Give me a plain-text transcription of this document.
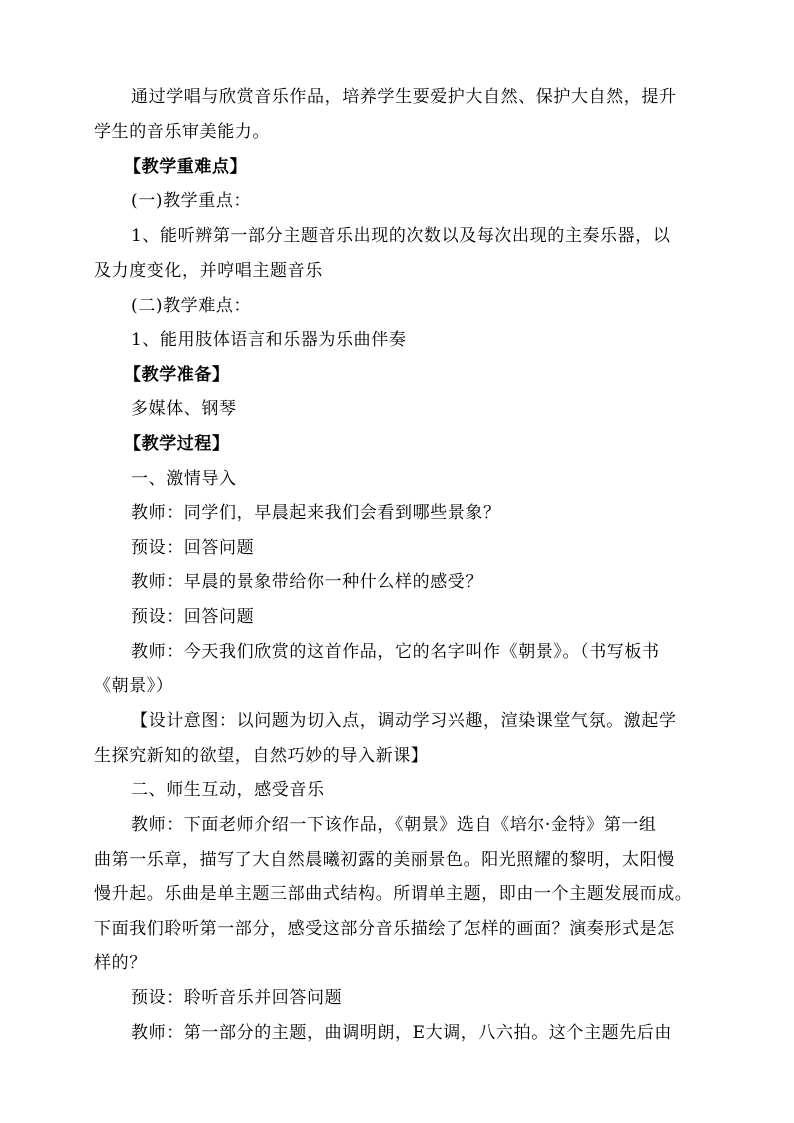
通过学唱与欣赏音乐作品，培养学生要爱护大自然、保护大自然，提升
学生的音乐审美能力。
【教学重难点】
(一)教学重点：
1、能听辨第一部分主题音乐出现的次数以及每次出现的主奏乐器，以
及力度变化，并哼唱主题音乐
(二)教学难点：
1、能用肢体语言和乐器为乐曲伴奏
【教学准备】
多媒体、钢琴
【教学过程】
一、激情导入
教师：同学们，早晨起来我们会看到哪些景象？
预设：回答问题
教师：早晨的景象带给你一种什么样的感受？
预设：回答问题
教师：今天我们欣赏的这首作品，它的名字叫作《朝景》。（书写板书
《朝景》）
【设计意图：以问题为切入点，调动学习兴趣，渲染课堂气氛。激起学
生探究新知的欲望，自然巧妙的导入新课】
二、师生互动，感受音乐
教师：下面老师介绍一下该作品，《朝景》选自《培尔·金特》第一组
曲第一乐章，描写了大自然晨曦初露的美丽景色。阳光照耀的黎明，太阳慢
慢升起。乐曲是单主题三部曲式结构。所谓单主题，即由一个主题发展而成。
下面我们聆听第一部分，感受这部分音乐描绘了怎样的画面？演奏形式是怎
样的？
预设：聆听音乐并回答问题
教师：第一部分的主题，曲调明朗，E大调，八六拍。这个主题先后由
